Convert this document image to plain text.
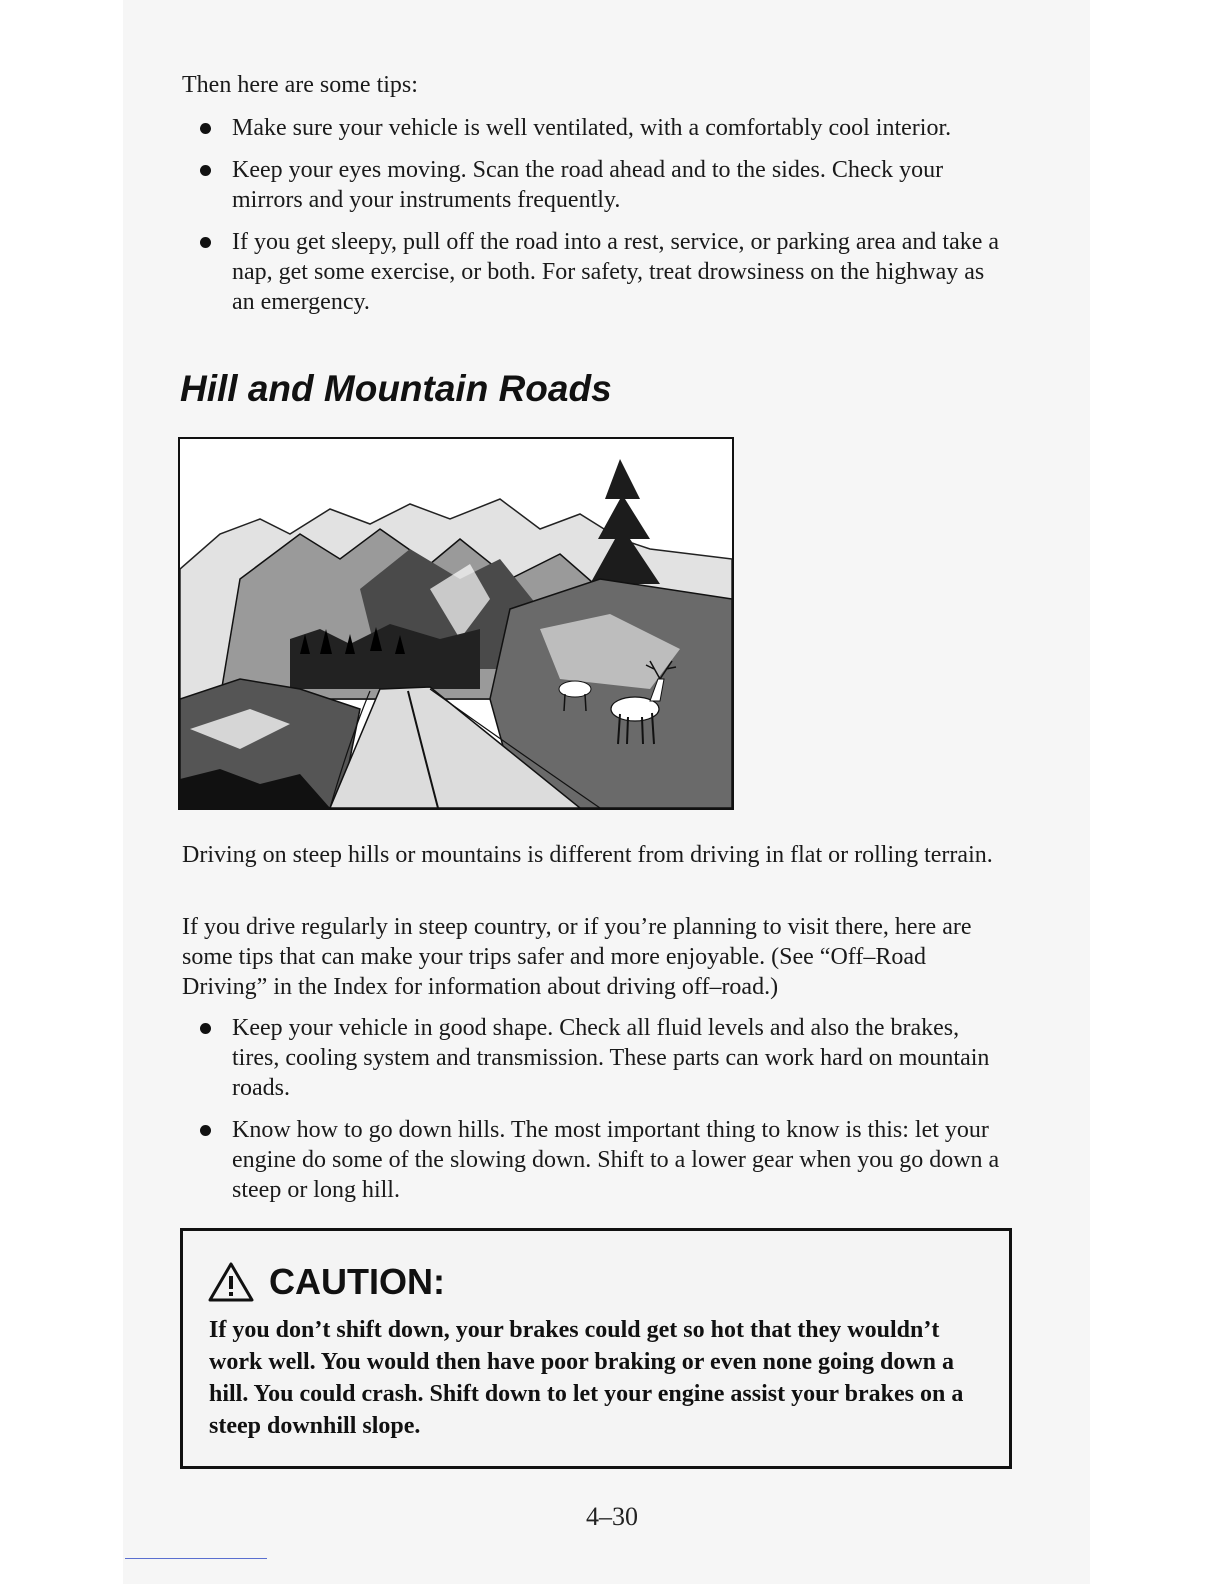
Then here are some tips:

Make sure your vehicle is well ventilated, with a comfortably cool interior.
Keep your eyes moving. Scan the road ahead and to the sides. Check your mirrors and your instruments frequently.
If you get sleepy, pull off the road into a rest, service, or parking area and take a nap, get some exercise, or both. For safety, treat drowsiness on the highway as an emergency.
Hill and Mountain Roads

Driving on steep hills or mountains is different from driving in flat or rolling terrain.

If you drive regularly in steep country, or if you’re planning to visit there, here are some tips that can make your trips safer and more enjoyable. (See “Off–Road Driving” in the Index for information about driving off–road.)

Keep your vehicle in good shape. Check all fluid levels and also the brakes, tires, cooling system and transmission. These parts can work hard on mountain roads.
Know how to go down hills. The most important thing to know is this: let your engine do some of the slowing down. Shift to a lower gear when you go down a steep or long hill.
CAUTION:

If you don’t shift down, your brakes could get so hot that they wouldn’t work well. You would then have poor braking or even none going down a hill. You could crash. Shift down to let your engine assist your brakes on a steep downhill slope.

4–30
